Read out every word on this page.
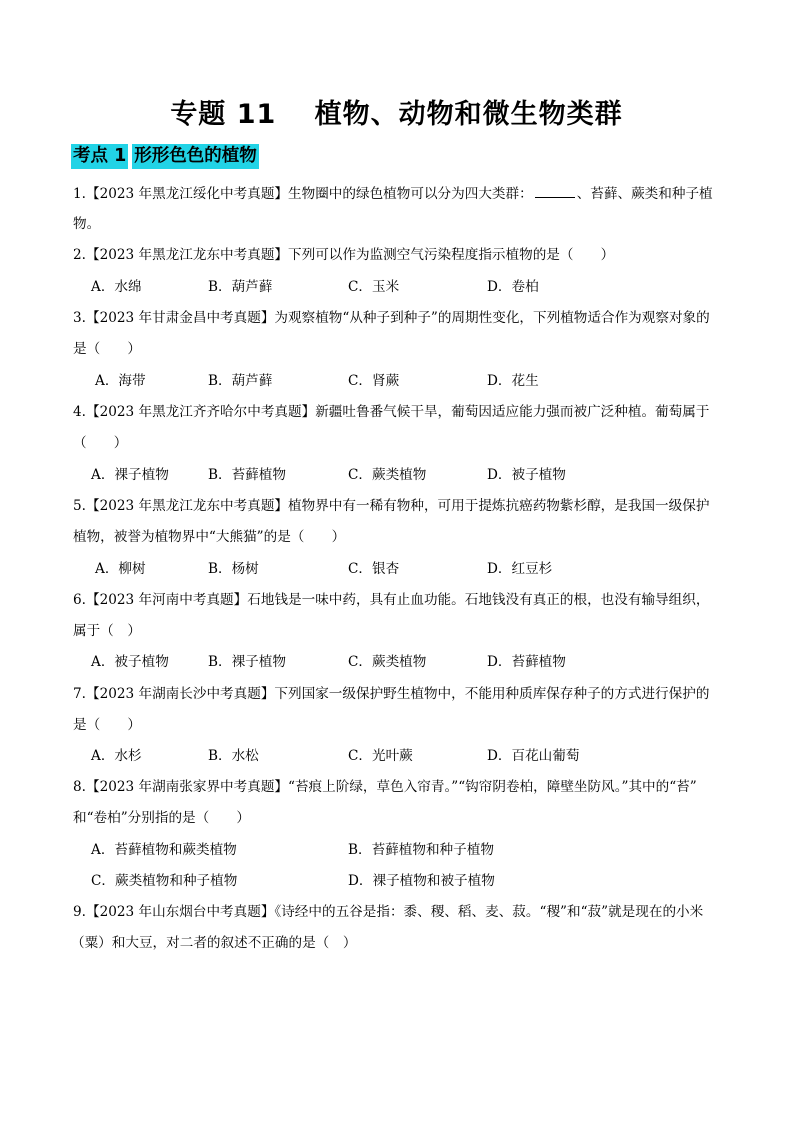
专题 11　 植物、动物和微生物类群
考点 1 形形色色的植物
1.【2023 年黑龙江绥化中考真题】生物圈中的绿色植物可以分为四大类群：	、苔藓、蕨类和种子植
物。
2.【2023 年黑龙江龙东中考真题】下列可以作为监测空气污染程度指示植物的是（　　）
A．水绵	B．葫芦藓	C．玉米	D．卷柏
3.【2023 年甘肃金昌中考真题】为观察植物“从种子到种子”的周期性变化，下列植物适合作为观察对象的
是（　　）
A．海带	B．葫芦藓	C．肾蕨	D．花生
4.【2023 年黑龙江齐齐哈尔中考真题】新疆吐鲁番气候干旱，葡萄因适应能力强而被广泛种植。葡萄属于
（　　）
A．裸子植物	B．苔藓植物	C．蕨类植物	D．被子植物
5.【2023 年黑龙江龙东中考真题】植物界中有一稀有物种，可用于提炼抗癌药物紫杉醇，是我国一级保护
植物，被誉为植物界中“大熊猫”的是（　　）
A．柳树	B．杨树	C．银杏	D．红豆杉
6.【2023 年河南中考真题】石地钱是一味中药，具有止血功能。石地钱没有真正的根，也没有输导组织，
属于（　）
A．被子植物	B．裸子植物	C．蕨类植物	D．苔藓植物
7.【2023 年湖南长沙中考真题】下列国家一级保护野生植物中，不能用种质库保存种子的方式进行保护的
是（　　）
A．水杉	B．水松	C．光叶蕨	D．百花山葡萄
8.【2023 年湖南张家界中考真题】“苔痕上阶绿，草色入帘青。”“钩帘阴卷柏，障壁坐防风。”其中的“苔”
和“卷柏”分别指的是（　　）
A．苔藓植物和蕨类植物	B．苔藓植物和种子植物
C．蕨类植物和种子植物	D．裸子植物和被子植物
9.【2023 年山东烟台中考真题】《诗经中的五谷是指：黍、稷、稻、麦、菽。“稷”和“菽”就是现在的小米
（粟）和大豆，对二者的叙述不正确的是（　）
